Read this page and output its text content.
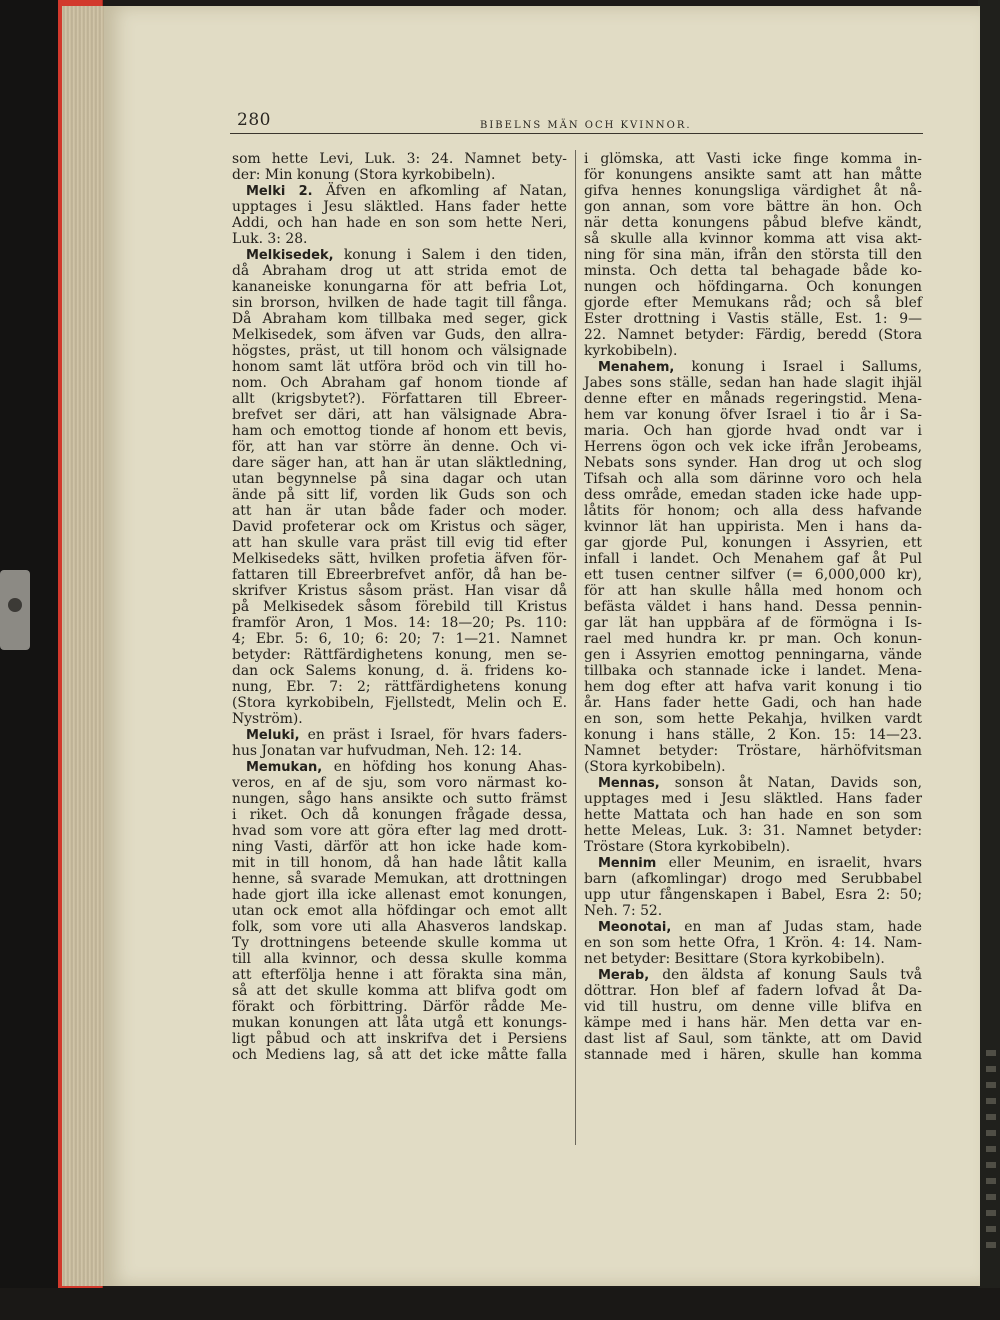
280	BIBELNS MÄN OCH KVINNOR.
som hette Levi, Luk. 3: 24. Namnet bety-
der: Min konung (Stora kyrkobibeln).
Melki 2. Äfven en afkomling af Natan,
upptages i Jesu släktled. Hans fader hette
Addi, och han hade en son som hette Neri,
Luk. 3: 28.
Melkisedek, konung i Salem i den tiden,
då Abraham drog ut att strida emot de
kananeiske konungarna för att befria Lot,
sin brorson, hvilken de hade tagit till fånga.
Då Abraham kom tillbaka med seger, gick
Melkisedek, som äfven var Guds, den allra-
högstes, präst, ut till honom och välsignade
honom samt lät utföra bröd och vin till ho-
nom. Och Abraham gaf honom tionde af
allt (krigsbytet?). Författaren till Ebreer-
brefvet ser däri, att han välsignade Abra-
ham och emottog tionde af honom ett bevis,
för, att han var större än denne. Och vi-
dare säger han, att han är utan släktledning,
utan begynnelse på sina dagar och utan
ände på sitt lif, vorden lik Guds son och
att han är utan både fader och moder.
David profeterar ock om Kristus och säger,
att han skulle vara präst till evig tid efter
Melkisedeks sätt, hvilken profetia äfven för-
fattaren till Ebreerbrefvet anför, då han be-
skrifver Kristus såsom präst. Han visar då
på Melkisedek såsom förebild till Kristus
framför Aron, 1 Mos. 14: 18—20; Ps. 110:
4; Ebr. 5: 6, 10; 6: 20; 7: 1—21. Namnet
betyder: Rättfärdighetens konung, men se-
dan ock Salems konung, d. ä. fridens ko-
nung, Ebr. 7: 2; rättfärdighetens konung
(Stora kyrkobibeln, Fjellstedt, Melin och E.
Nyström).
Meluki, en präst i Israel, för hvars faders-
hus Jonatan var hufvudman, Neh. 12: 14.
Memukan, en höfding hos konung Ahas-
veros, en af de sju, som voro närmast ko-
nungen, sågo hans ansikte och sutto främst
i riket. Och då konungen frågade dessa,
hvad som vore att göra efter lag med drott-
ning Vasti, därför att hon icke hade kom-
mit in till honom, då han hade låtit kalla
henne, så svarade Memukan, att drottningen
hade gjort illa icke allenast emot konungen,
utan ock emot alla höfdingar och emot allt
folk, som vore uti alla Ahasveros landskap.
Ty drottningens beteende skulle komma ut
till alla kvinnor, och dessa skulle komma
att efterfölja henne i att förakta sina män,
så att det skulle komma att blifva godt om
förakt och förbittring. Därför rådde Me-
mukan konungen att låta utgå ett konungs-
ligt påbud och att inskrifva det i Persiens
och Mediens lag, så att det icke måtte falla
i glömska, att Vasti icke finge komma in-
för konungens ansikte samt att han måtte
gifva hennes konungsliga värdighet åt nå-
gon annan, som vore bättre än hon. Och
när detta konungens påbud blefve kändt,
så skulle alla kvinnor komma att visa akt-
ning för sina män, ifrån den största till den
minsta. Och detta tal behagade både ko-
nungen och höfdingarna. Och konungen
gjorde efter Memukans råd; och så blef
Ester drottning i Vastis ställe, Est. 1: 9—
22. Namnet betyder: Färdig, beredd (Stora
kyrkobibeln).
Menahem, konung i Israel i Sallums,
Jabes sons ställe, sedan han hade slagit ihjäl
denne efter en månads regeringstid. Mena-
hem var konung öfver Israel i tio år i Sa-
maria. Och han gjorde hvad ondt var i
Herrens ögon och vek icke ifrån Jerobeams,
Nebats sons synder. Han drog ut och slog
Tifsah och alla som därinne voro och hela
dess område, emedan staden icke hade upp-
låtits för honom; och alla dess hafvande
kvinnor lät han uppirista. Men i hans da-
gar gjorde Pul, konungen i Assyrien, ett
infall i landet. Och Menahem gaf åt Pul
ett tusen centner silfver (= 6,000,000 kr),
för att han skulle hålla med honom och
befästa väldet i hans hand. Dessa pennin-
gar lät han uppbära af de förmögna i Is-
rael med hundra kr. pr man. Och konun-
gen i Assyrien emottog penningarna, vände
tillbaka och stannade icke i landet. Mena-
hem dog efter att hafva varit konung i tio
år. Hans fader hette Gadi, och han hade
en son, som hette Pekahja, hvilken vardt
konung i hans ställe, 2 Kon. 15: 14—23.
Namnet betyder: Tröstare, härhöfvitsman
(Stora kyrkobibeln).
Mennas, sonson åt Natan, Davids son,
upptages med i Jesu släktled. Hans fader
hette Mattata och han hade en son som
hette Meleas, Luk. 3: 31. Namnet betyder:
Tröstare (Stora kyrkobibeln).
Mennim eller Meunim, en israelit, hvars
barn (afkomlingar) drogo med Serubbabel
upp utur fångenskapen i Babel, Esra 2: 50;
Neh. 7: 52.
Meonotai, en man af Judas stam, hade
en son som hette Ofra, 1 Krön. 4: 14. Nam-
net betyder: Besittare (Stora kyrkobibeln).
Merab, den äldsta af konung Sauls två
döttrar. Hon blef af fadern lofvad åt Da-
vid till hustru, om denne ville blifva en
kämpe med i hans här. Men detta var en-
dast list af Saul, som tänkte, att om David
stannade med i hären, skulle han komma
